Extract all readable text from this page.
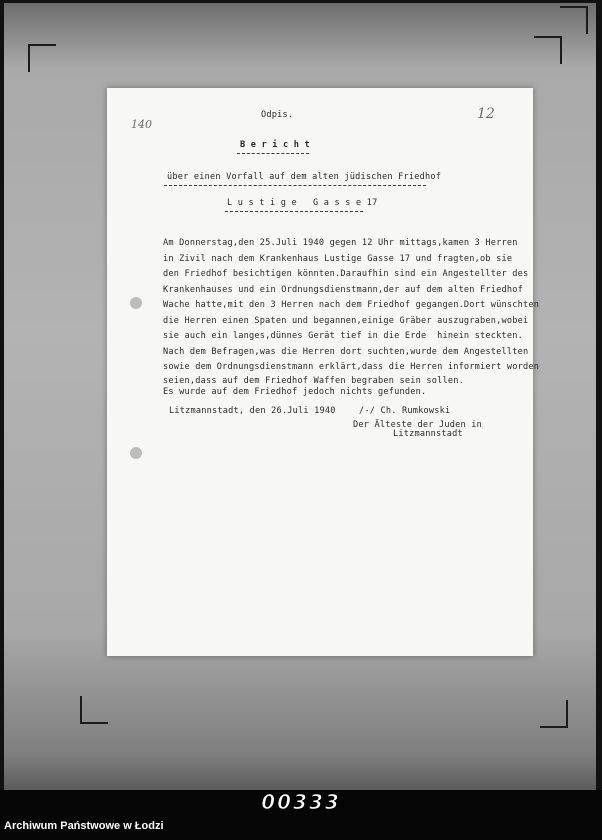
140
12
Odpis.
B e r i c h t
über einen Vorfall auf dem alten jüdischen Friedhof
L u s t i g e   G a s s e 17
Am Donnerstag,den 25.Juli 1940 gegen 12 Uhr mittags,kamen 3 Herren
in Zivil nach dem Krankenhaus Lustige Gasse 17 und fragten,ob sie
den Friedhof besichtigen könnten.Daraufhin sind ein Angestellter des
Krankenhauses und ein Ordnungsdienstmann,der auf dem alten Friedhof
Wache hatte,mit den 3 Herren nach dem Friedhof gegangen.Dort wünschten
die Herren einen Spaten und begannen,einige Gräber auszugraben,wobei
sie auch ein langes,dünnes Gerät tief in die Erde  hinein steckten.
Nach dem Befragen,was die Herren dort suchten,wurde dem Angestellten
sowie dem Ordnungsdienstmann erklärt,dass die Herren informiert worden
seien,dass auf dem Friedhof Waffen begraben sein sollen.
Es wurde auf dem Friedhof jedoch nichts gefunden.
Litzmannstadt, den 26.Juli 1940	/-/ Ch. Rumkowski
Der Älteste der Juden in
Litzmannstadt
00333
Archiwum Państwowe w Łodzi
